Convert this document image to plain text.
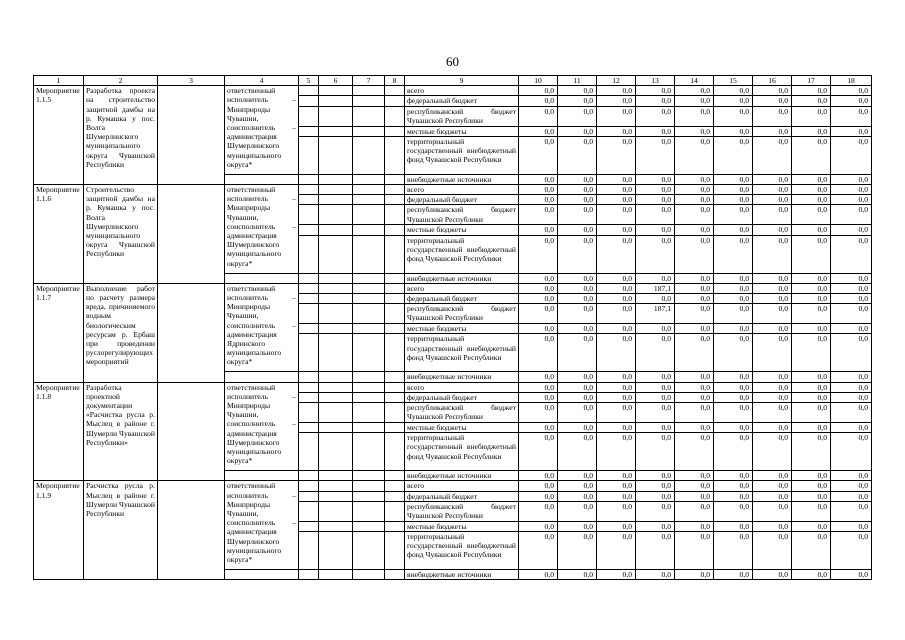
60
1	2	3	4	5	6	7	8	9	10	11	12	13	14	15	16	17	18
Мероприятие 1.1.5	Разработка проекта на строительство защитной дамбы на р. Кумашка у пос. Волга Шумерлинского муниципального округа Чувашской Республики		ответственный исполнитель – Минприроды Чувашии, соисполнитель – администрация Шумерлинского муниципального округа*					всего	0,0	0,0	0,0	0,0	0,0	0,0	0,0	0,0	0,0
								федеральный бюджет	0,0	0,0	0,0	0,0	0,0	0,0	0,0	0,0	0,0
								республиканский бюджет Чувашской Республики	0,0	0,0	0,0	0,0	0,0	0,0	0,0	0,0	0,0
								местные бюджеты	0,0	0,0	0,0	0,0	0,0	0,0	0,0	0,0	0,0
								территориальный государственный внебюджетный фонд Чувашской Республики	0,0	0,0	0,0	0,0	0,0	0,0	0,0	0,0	0,0
								внебюджетные источники	0,0	0,0	0,0	0,0	0,0	0,0	0,0	0,0	0,0
Мероприятие 1.1.6	Строительство защитной дамбы на р. Кумашка у пос. Волга Шумерлинского муниципального округа Чувашской Республики		ответственный исполнитель – Минприроды Чувашии, соисполнитель – администрация Шумерлинского муниципального округа*					всего	0,0	0,0	0,0	0,0	0,0	0,0	0,0	0,0	0,0
								федеральный бюджет	0,0	0,0	0,0	0,0	0,0	0,0	0,0	0,0	0,0
								республиканский бюджет Чувашской Республики	0,0	0,0	0,0	0,0	0,0	0,0	0,0	0,0	0,0
								местные бюджеты	0,0	0,0	0,0	0,0	0,0	0,0	0,0	0,0	0,0
								территориальный государственный внебюджетный фонд Чувашской Республики	0,0	0,0	0,0	0,0	0,0	0,0	0,0	0,0	0,0
								внебюджетные источники	0,0	0,0	0,0	0,0	0,0	0,0	0,0	0,0	0,0
Мероприятие 1.1.7	Выполнение работ по расчету размера вреда, причиняемого водным биологическим ресурсам р. Ербаш при проведении руслорегулирующих мероприятий		ответственный исполнитель – Минприроды Чувашии, соисполнитель – администрация Ядринского муниципального округа*					всего	0,0	0,0	0,0	187,1	0,0	0,0	0,0	0,0	0,0
								федеральный бюджет	0,0	0,0	0,0	0,0	0,0	0,0	0,0	0,0	0,0
								республиканский бюджет Чувашской Республики	0,0	0,0	0,0	187,1	0,0	0,0	0,0	0,0	0,0
								местные бюджеты	0,0	0,0	0,0	0,0	0,0	0,0	0,0	0,0	0,0
								территориальный государственный внебюджетный фонд Чувашской Республики	0,0	0,0	0,0	0,0	0,0	0,0	0,0	0,0	0,0
								внебюджетные источники	0,0	0,0	0,0	0,0	0,0	0,0	0,0	0,0	0,0
Мероприятие 1.1.8	Разработка проектной документации «Расчистка русла р. Мыслец в районе г. Шумерли Чувашской Республики»		ответственный исполнитель – Минприроды Чувашии, соисполнитель – администрация Шумерлинского муниципального округа*					всего	0,0	0,0	0,0	0,0	0,0	0,0	0,0	0,0	0,0
								федеральный бюджет	0,0	0,0	0,0	0,0	0,0	0,0	0,0	0,0	0,0
								республиканский бюджет Чувашской Республики	0,0	0,0	0,0	0,0	0,0	0,0	0,0	0,0	0,0
								местные бюджеты	0,0	0,0	0,0	0,0	0,0	0,0	0,0	0,0	0,0
								территориальный государственный внебюджетный фонд Чувашской Республики	0,0	0,0	0,0	0,0	0,0	0,0	0,0	0,0	0,0
								внебюджетные источники	0,0	0,0	0,0	0,0	0,0	0,0	0,0	0,0	0,0
Мероприятие 1.1.9	Расчистка русла р. Мыслец в районе г. Шумерли Чувашской Республики		ответственный исполнитель – Минприроды Чувашии, соисполнитель – администрация Шумерлинского муниципального округа*					всего	0,0	0,0	0,0	0,0	0,0	0,0	0,0	0,0	0,0
								федеральный бюджет	0,0	0,0	0,0	0,0	0,0	0,0	0,0	0,0	0,0
								республиканский бюджет Чувашской Республики	0,0	0,0	0,0	0,0	0,0	0,0	0,0	0,0	0,0
								местные бюджеты	0,0	0,0	0,0	0,0	0,0	0,0	0,0	0,0	0,0
								территориальный государственный внебюджетный фонд Чувашской Республики	0,0	0,0	0,0	0,0	0,0	0,0	0,0	0,0	0,0
								внебюджетные источники	0,0	0,0	0,0	0,0	0,0	0,0	0,0	0,0	0,0
